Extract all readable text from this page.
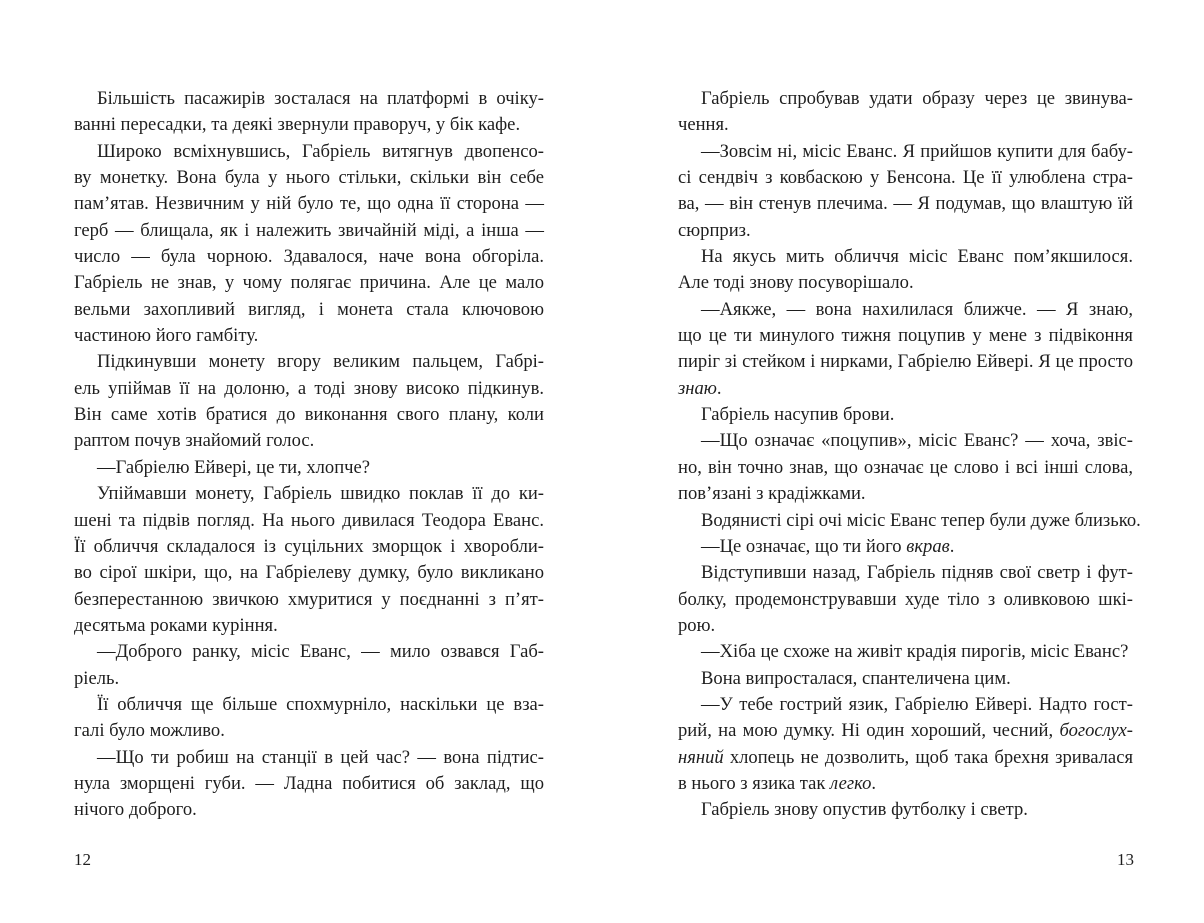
Більшість пасажирів зосталася на платформі в очіку-
ванні пересадки, та деякі звернули праворуч, у бік кафе.
Широко всміхнувшись, Габріель витягнув двопенсо-
ву монетку. Вона була у нього стільки, скільки він себе
пам’ятав. Незвичним у ній було те, що одна її сторона —
герб — блищала, як і належить звичайній міді, а інша —
число — була чорною. Здавалося, наче вона обгоріла.
Габріель не знав, у чому полягає причина. Але це мало
вельми захопливий вигляд, і монета стала ключовою
частиною його гамбіту.
Підкинувши монету вгору великим пальцем, Габрі-
ель упіймав її на долоню, а тоді знову високо підкинув.
Він саме хотів братися до виконання свого плану, коли
раптом почув знайомий голос.
—Габріелю Ейвері, це ти, хлопче?
Упіймавши монету, Габріель швидко поклав її до ки-
шені та підвів погляд. На нього дивилася Теодора Еванс.
Її обличчя складалося із суцільних зморщок і хворобли-
во сірої шкіри, що, на Габріелеву думку, було викликано
безперестанною звичкою хмуритися у поєднанні з п’ят-
десятьма роками куріння.
—Доброго ранку, місіс Еванс, — мило озвався Габ-
ріель.
Її обличчя ще більше спохмурніло, наскільки це вза-
галі було можливо.
—Що ти робиш на станції в цей час? — вона підтис-
нула зморщені губи. — Ладна побитися об заклад, що
нічого доброго.
Габріель спробував удати образу через це звинува-
чення.
—Зовсім ні, місіс Еванс. Я прийшов купити для бабу-
сі сендвіч з ковбаскою у Бенсона. Це її улюблена стра-
ва, — він стенув плечима. — Я подумав, що влаштую їй
сюрприз.
На якусь мить обличчя місіс Еванс пом’якшилося.
Але тоді знову посуворішало.
—Аякже, — вона нахилилася ближче. — Я знаю,
що це ти минулого тижня поцупив у мене з підвіконня
пиріг зі стейком і нирками, Габріелю Ейвері. Я це просто
знаю.
Габріель насупив брови.
—Що означає «поцупив», місіс Еванс? — хоча, звіс-
но, він точно знав, що означає це слово і всі інші слова,
пов’язані з крадіжками.
Водянисті сірі очі місіс Еванс тепер були дуже близько.
—Це означає, що ти його вкрав.
Відступивши назад, Габріель підняв свої светр і фут-
болку, продемонструвавши худе тіло з оливковою шкі-
рою.
—Хіба це схоже на живіт крадія пирогів, місіс Еванс?
Вона випросталася, спантеличена цим.
—У тебе гострий язик, Габріелю Ейвері. Надто гост-
рий, на мою думку. Ні один хороший, чесний, богослух-
няний хлопець не дозволить, щоб така брехня зривалася
в нього з язика так легко.
Габріель знову опустив футболку і светр.
12	13
